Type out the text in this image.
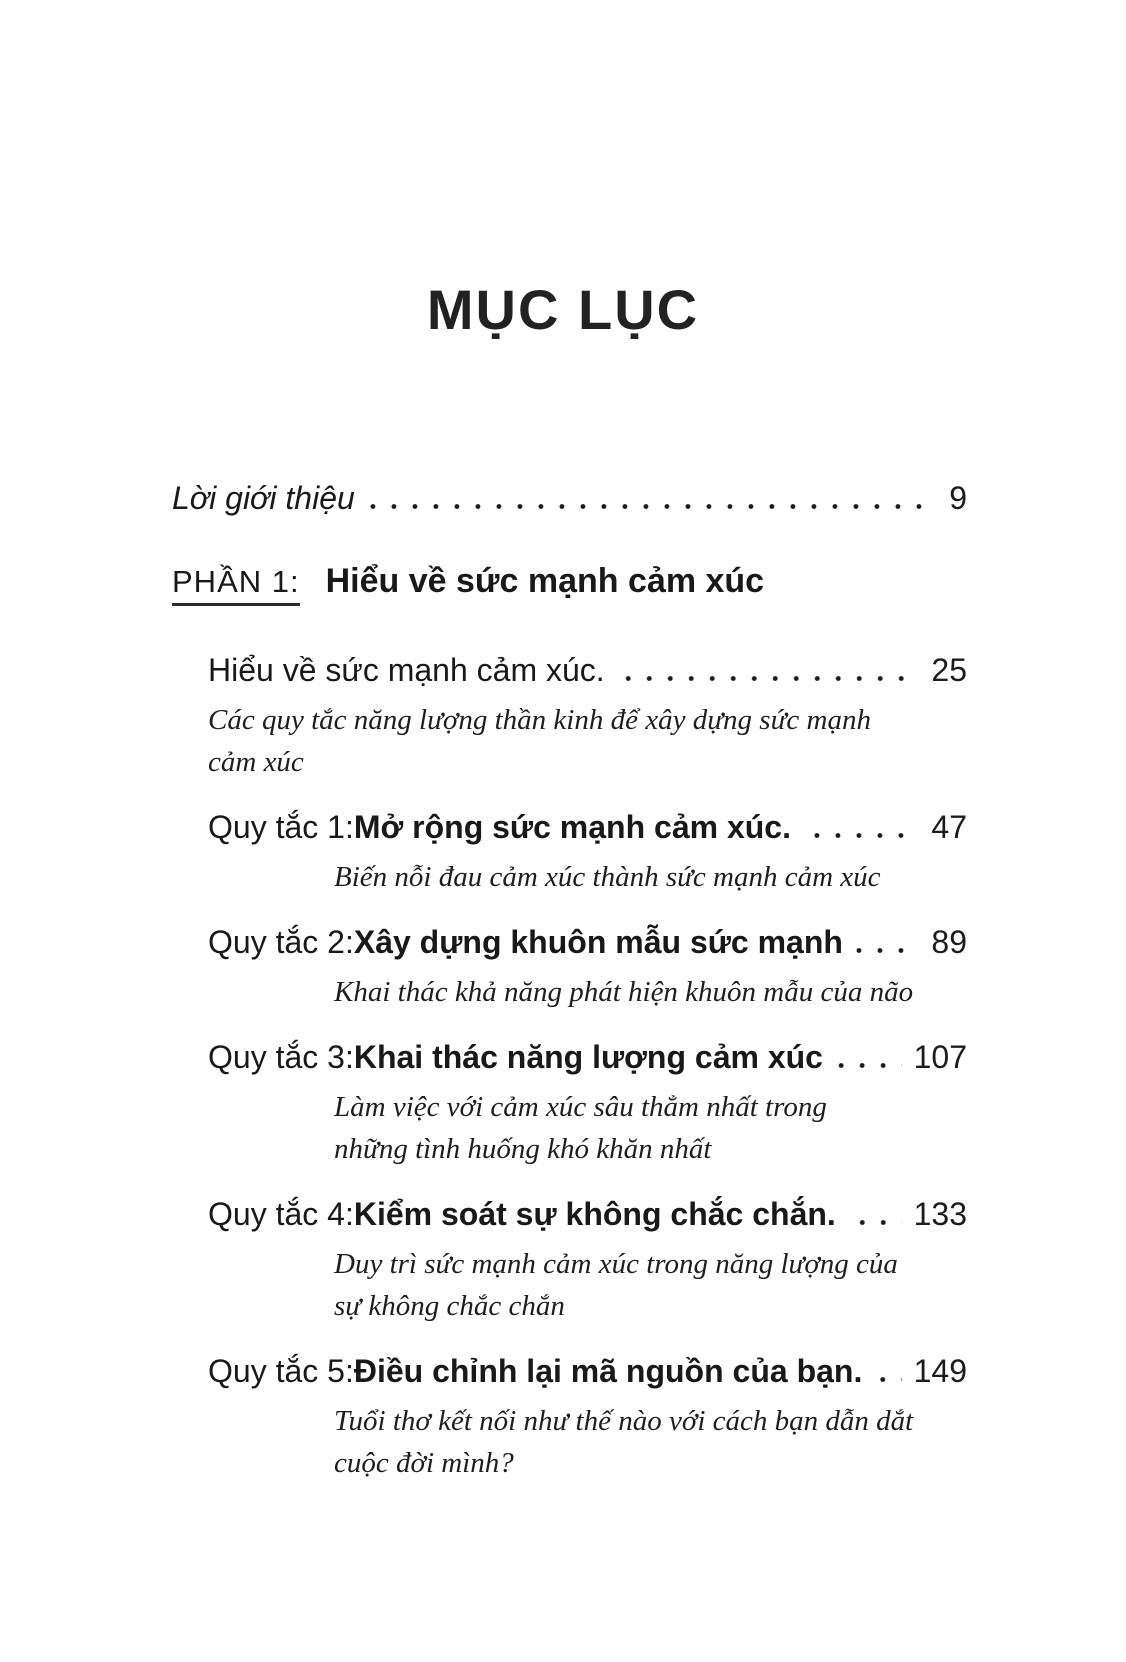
MỤC LỤC
Lời giới thiệu	9
PHẦN 1: Hiểu về sức mạnh cảm xúc
Hiểu về sức mạnh cảm xúc.	25
Các quy tắc năng lượng thần kinh để xây dựng sức mạnh
cảm xúc
Quy tắc 1: Mở rộng sức mạnh cảm xúc.	47
Biến nỗi đau cảm xúc thành sức mạnh cảm xúc
Quy tắc 2: Xây dựng khuôn mẫu sức mạnh	89
Khai thác khả năng phát hiện khuôn mẫu của não
Quy tắc 3: Khai thác năng lượng cảm xúc	107
Làm việc với cảm xúc sâu thẳm nhất trong
những tình huống khó khăn nhất
Quy tắc 4: Kiểm soát sự không chắc chắn. 133
Duy trì sức mạnh cảm xúc trong năng lượng của
sự không chắc chắn
Quy tắc 5: Điều chỉnh lại mã nguồn của bạn. 149
Tuổi thơ kết nối như thế nào với cách bạn dẫn dắt
cuộc đời mình?
